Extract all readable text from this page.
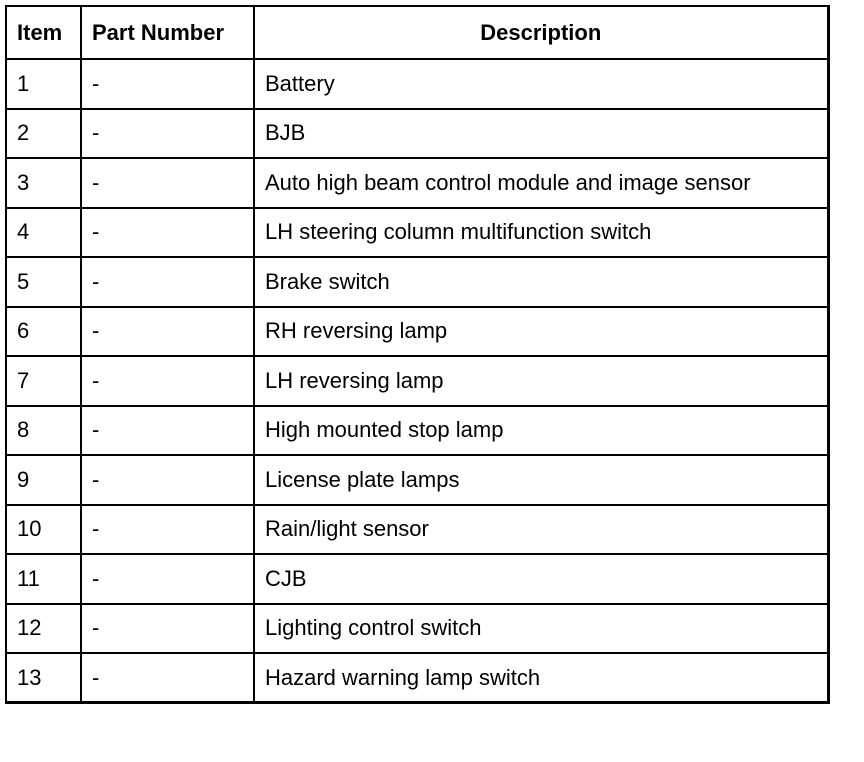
Item	Part Number	Description
1	-	Battery
2	-	BJB
3	-	Auto high beam control module and image sensor
4	-	LH steering column multifunction switch
5	-	Brake switch
6	-	RH reversing lamp
7	-	LH reversing lamp
8	-	High mounted stop lamp
9	-	License plate lamps
10	-	Rain/light sensor
11	-	CJB
12	-	Lighting control switch
13	-	Hazard warning lamp switch
